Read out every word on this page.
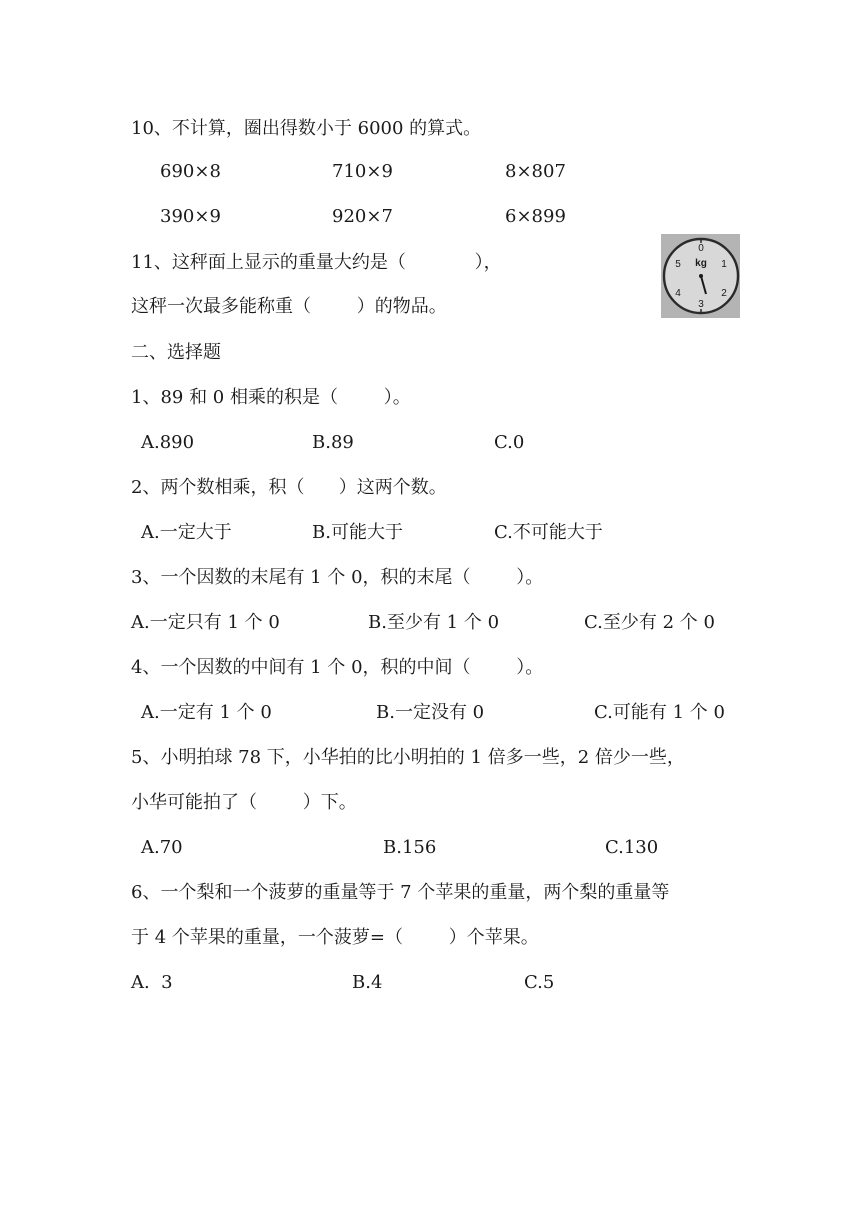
10、不计算，圈出得数小于 6000 的算式。
690×8	710×9	8×807
390×9	920×7	6×899
11、这秤面上显示的重量大约是（            ），
这秤一次最多能称重（        ）的物品。
0
1
2
3
4
5 kg
二、选择题
1、89 和 0 相乘的积是（        ）。
A.890	B.89	C.0
2、两个数相乘，积（      ）这两个数。
A.一定大于	B.可能大于	C.不可能大于
3、一个因数的末尾有 1 个 0，积的末尾（        ）。
A.一定只有 1 个 0	B.至少有 1 个 0	C.至少有 2 个 0
4、一个因数的中间有 1 个 0，积的中间（        ）。
A.一定有 1 个 0	B.一定没有 0	C.可能有 1 个 0
5、小明拍球 78 下，小华拍的比小明拍的 1 倍多一些，2 倍少一些，
小华可能拍了（        ）下。
A.70	B.156	C.130
6、一个梨和一个菠萝的重量等于 7 个苹果的重量，两个梨的重量等
于 4 个苹果的重量，一个菠萝=（        ）个苹果。
A.  3	B.4	C.5
